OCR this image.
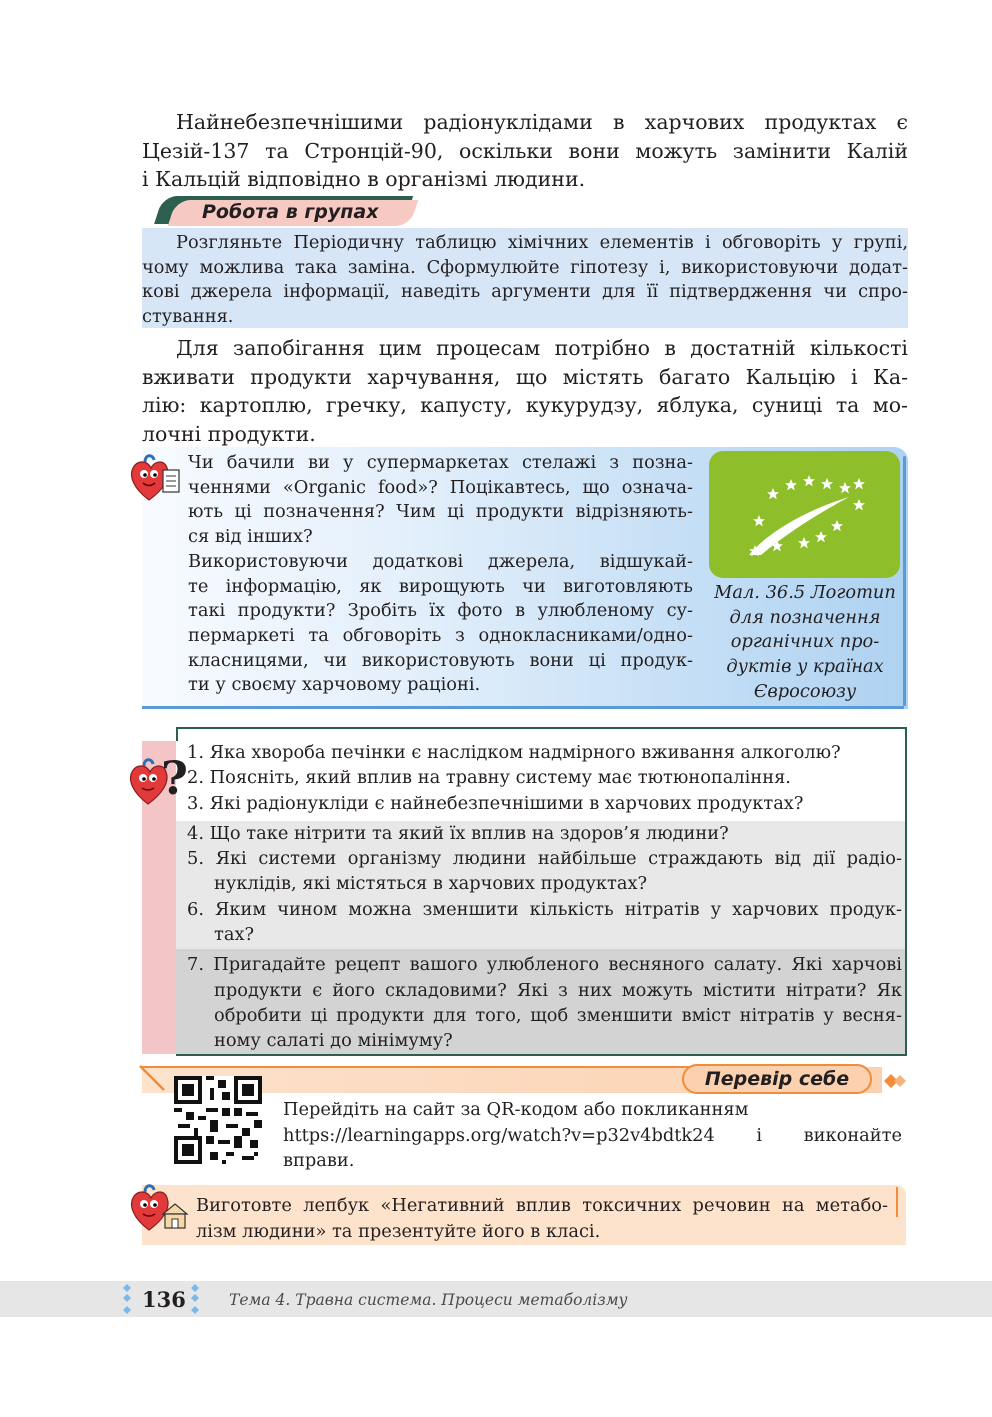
Найнебезпечнішими радіонуклідами в харчових продуктах є
Цезій-137 та Стронцій-90, оскільки вони можуть замінити Калій
і Кальцій відповідно в організмі людини.

Робота в групах

Розгляньте Періодичну таблицю хімічних елементів і обговоріть у групі,
чому можлива така заміна. Сформулюйте гіпотезу і, використовуючи додат-
кові джерела інформації, наведіть аргументи для її підтвердження чи спро-
стування.

Для запобігання цим процесам потрібно в достатній кількості
вживати продукти харчування, що містять багато Кальцію і Ка-
лію: картоплю, гречку, капусту, кукурудзу, яблука, суниці та мо-
лочні продукти.

Чи бачили ви у супермаркетах стелажі з позна-
ченнями «Organic food»? Поцікавтесь, що означа-
ють ці позначення? Чим ці продукти відрізняють-
ся від інших?
Використовуючи додаткові джерела, відшукай-
те інформацію, як вирощують чи виготовляють
такі продукти? Зробіть їх фото в улюбленому су-
пермаркеті та обговоріть з однокласниками/одно-
класницями, чи використовують вони ці продук-
ти у своєму харчовому раціоні.

Мал. 36.5 Логотип
для позначення
органічних про-
дуктів у країнах
Євросоюзу

? 1. Яка хвороба печінки є наслідком надмірного вживання алкоголю?
2. Поясніть, який вплив на травну систему має тютюнопаління.
3. Які радіонукліди є найнебезпечнішими в харчових продуктах?
4. Що таке нітрити та який їх вплив на здоров’я людини?
5. Які системи організму людини найбільше страждають від дії радіо-
нуклідів, які містяться в харчових продуктах?
6. Яким чином можна зменшити кількість нітратів у харчових продук-
тах?
7. Пригадайте рецепт вашого улюбленого весняного салату. Які харчові
продукти є його складовими? Які з них можуть містити нітрати? Як
обробити ці продукти для того, щоб зменшити вміст нітратів у весня-
ному салаті до мінімуму?

Перевір себе

Перейдіть на сайт за QR-кодом або покликанням
https://learningapps.org/watch?v=p32v4bdtk24 і виконайте
вправи.

Виготовте лепбук «Негативний вплив токсичних речовин на метабо-
лізм людини» та презентуйте його в класі.

136	Тема 4. Травна система. Процеси метаболізму
